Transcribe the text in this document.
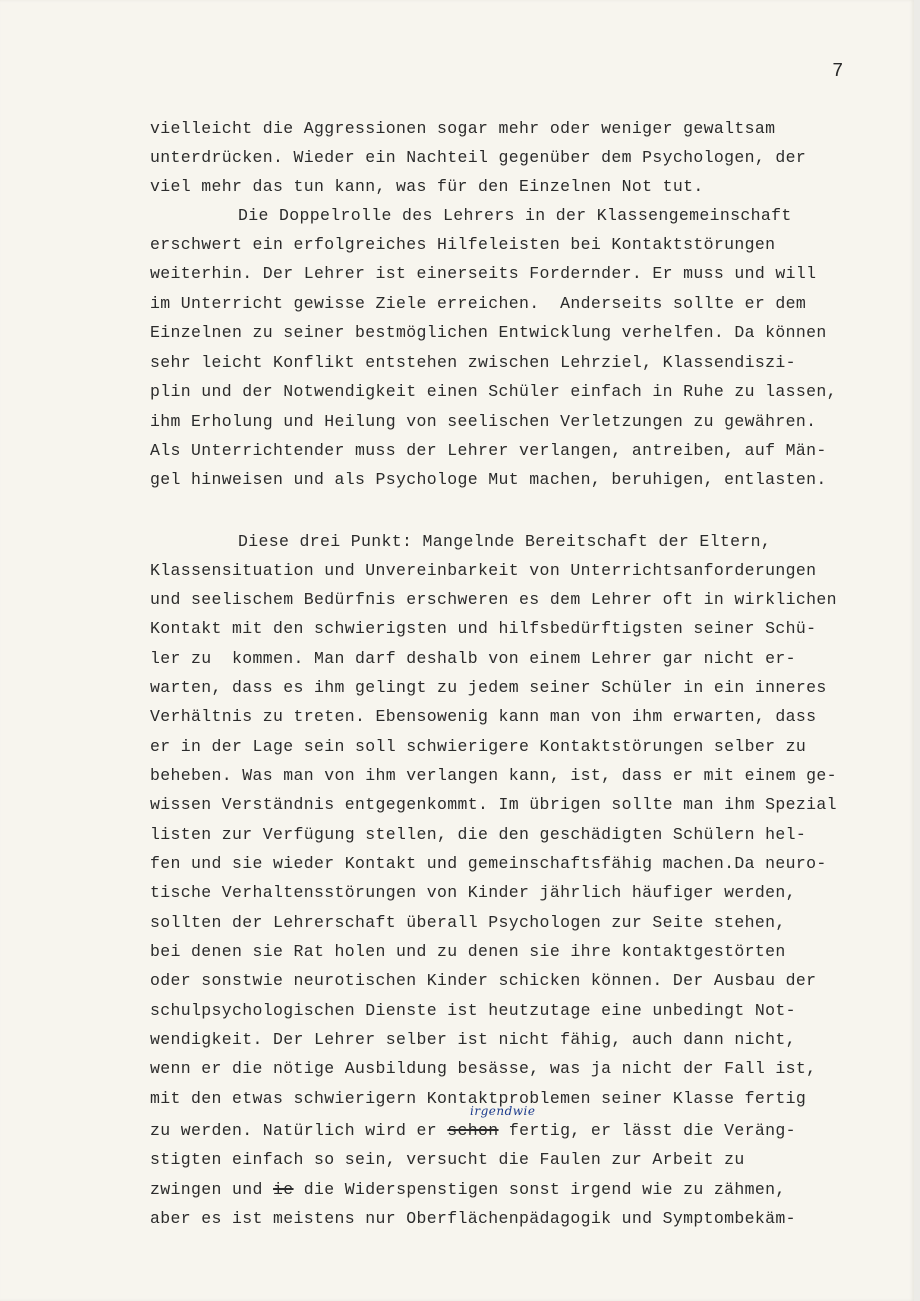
7
vielleicht die Aggressionen sogar mehr oder weniger gewaltsam
unterdrücken. Wieder ein Nachteil gegenüber dem Psychologen, der
viel mehr das tun kann, was für den Einzelnen Not tut.
Die Doppelrolle des Lehrers in der Klassengemeinschaft
erschwert ein erfolgreiches Hilfeleisten bei Kontaktstörungen
weiterhin. Der Lehrer ist einerseits Fordernder. Er muss und will
im Unterricht gewisse Ziele erreichen.  Anderseits sollte er dem
Einzelnen zu seiner bestmöglichen Entwicklung verhelfen. Da können
sehr leicht Konflikt entstehen zwischen Lehrziel, Klassendiszi-
plin und der Notwendigkeit einen Schüler einfach in Ruhe zu lassen,
ihm Erholung und Heilung von seelischen Verletzungen zu gewähren.
Als Unterrichtender muss der Lehrer verlangen, antreiben, auf Män-
gel hinweisen und als Psychologe Mut machen, beruhigen, entlasten.
Diese drei Punkt: Mangelnde Bereitschaft der Eltern,
Klassensituation und Unvereinbarkeit von Unterrichtsanforderungen
und seelischem Bedürfnis erschweren es dem Lehrer oft in wirklichen
Kontakt mit den schwierigsten und hilfsbedürftigsten seiner Schü-
ler zu  kommen. Man darf deshalb von einem Lehrer gar nicht er-
warten, dass es ihm gelingt zu jedem seiner Schüler in ein inneres
Verhältnis zu treten. Ebensowenig kann man von ihm erwarten, dass
er in der Lage sein soll schwierigere Kontaktstörungen selber zu
beheben. Was man von ihm verlangen kann, ist, dass er mit einem ge-
wissen Verständnis entgegenkommt. Im übrigen sollte man ihm Spezial
listen zur Verfügung stellen, die den geschädigten Schülern hel-
fen und sie wieder Kontakt und gemeinschaftsfähig machen.Da neuro-
tische Verhaltensstörungen von Kinder jährlich häufiger werden,
sollten der Lehrerschaft überall Psychologen zur Seite stehen,
bei denen sie Rat holen und zu denen sie ihre kontaktgestörten
oder sonstwie neurotischen Kinder schicken können. Der Ausbau der
schulpsychologischen Dienste ist heutzutage eine unbedingt Not-
wendigkeit. Der Lehrer selber ist nicht fähig, auch dann nicht,
wenn er die nötige Ausbildung besässe, was ja nicht der Fall ist,
mit den etwas schwierigern Kontaktproblemen seiner Klasse fertig
zu werden. Natürlich wird er schon fertig, er lässt die Veräng-
irgendwie
stigten einfach so sein, versucht die Faulen zur Arbeit zu
zwingen und ie die Widerspenstigen sonst irgend wie zu zähmen,
aber es ist meistens nur Oberflächenpädagogik und Symptombekäm-
